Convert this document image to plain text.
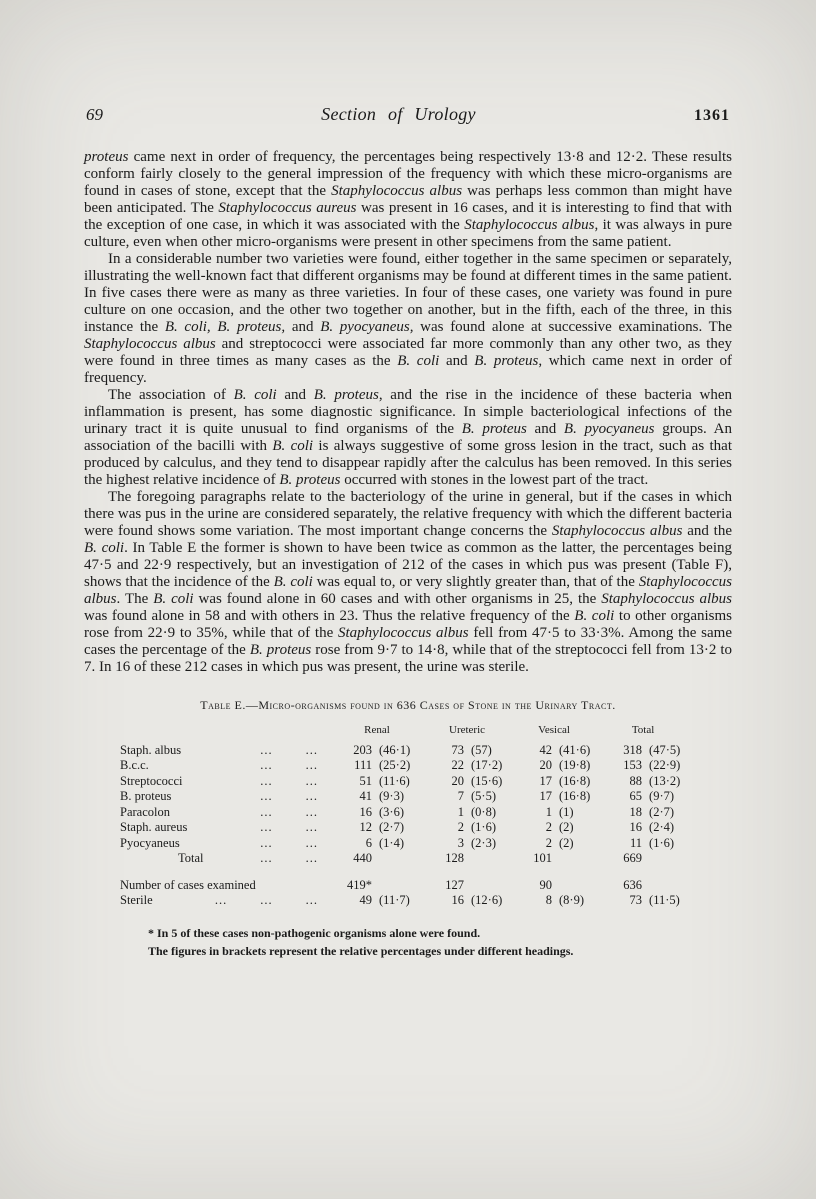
69	Section of Urology	1361

proteus came next in order of frequency, the percentages being respectively 13·8 and 12·2. These results conform fairly closely to the general impression of the frequency with which these micro-organisms are found in cases of stone, except that the Staphylococcus albus was perhaps less common than might have been anticipated. The Staphylococcus aureus was present in 16 cases, and it is interesting to find that with the exception of one case, in which it was associated with the Staphylococcus albus, it was always in pure culture, even when other micro-organisms were present in other specimens from the same patient.

In a considerable number two varieties were found, either together in the same specimen or separately, illustrating the well-known fact that different organisms may be found at different times in the same patient. In five cases there were as many as three varieties. In four of these cases, one variety was found in pure culture on one occasion, and the other two together on another, but in the fifth, each of the three, in this instance the B. coli, B. proteus, and B. pyocyaneus, was found alone at successive examinations. The Staphylococcus albus and streptococci were associated far more commonly than any other two, as they were found in three times as many cases as the B. coli and B. proteus, which came next in order of frequency.

The association of B. coli and B. proteus, and the rise in the incidence of these bacteria when inflammation is present, has some diagnostic significance. In simple bacteriological infections of the urinary tract it is quite unusual to find organisms of the B. proteus and B. pyocyaneus groups. An association of the bacilli with B. coli is always suggestive of some gross lesion in the tract, such as that produced by calculus, and they tend to disappear rapidly after the calculus has been removed. In this series the highest relative incidence of B. proteus occurred with stones in the lowest part of the tract.

The foregoing paragraphs relate to the bacteriology of the urine in general, but if the cases in which there was pus in the urine are considered separately, the relative frequency with which the different bacteria were found shows some variation. The most important change concerns the Staphylococcus albus and the B. coli. In Table E the former is shown to have been twice as common as the latter, the percentages being 47·5 and 22·9 respectively, but an investigation of 212 of the cases in which pus was present (Table F), shows that the incidence of the B. coli was equal to, or very slightly greater than, that of the Staphylococcus albus. The B. coli was found alone in 60 cases and with other organisms in 25, the Staphylococcus albus was found alone in 58 and with others in 23. Thus the relative frequency of the B. coli to other organisms rose from 22·9 to 35%, while that of the Staphylococcus albus fell from 47·5 to 33·3%. Among the same cases the percentage of the B. proteus rose from 9·7 to 14·8, while that of the streptococci fell from 13·2 to 7. In 16 of these 212 cases in which pus was present, the urine was sterile.

Table E.—Micro-organisms found in 636 Cases of Stone in the Urinary Tract.
	Renal		Ureteric		Vesical		Total	

Staph. albus	...        ...	203	(46·1)	73	(57)	42	(41·6)	318	(47·5)

B.c.c.	...        ...	111	(25·2)	22	(17·2)	20	(19·8)	153	(22·9)

Streptococci	...        ...	51	(11·6)	20	(15·6)	17	(16·8)	88	(13·2)

B. proteus	...        ...	41	(9·3)	7	(5·5)	17	(16·8)	65	(9·7)

Paracolon	...        ...	16	(3·6)	1	(0·8)	1	(1)	18	(2·7)

Staph. aureus	...        ...	12	(2·7)	2	(1·6)	2	(2)	16	(2·4)

Pyocyaneus	...        ...	6	(1·4)	3	(2·3)	2	(2)	11	(1·6)

Total	...        ...	440		128		101		669	

Number of cases examined	419*		127		90		636	

Sterile	...        ...        ...	49	(11·7)	16	(12·6)	8	(8·9)	73	(11·5)
* In 5 of these cases non-pathogenic organisms alone were found.
The figures in brackets represent the relative percentages under different headings.
